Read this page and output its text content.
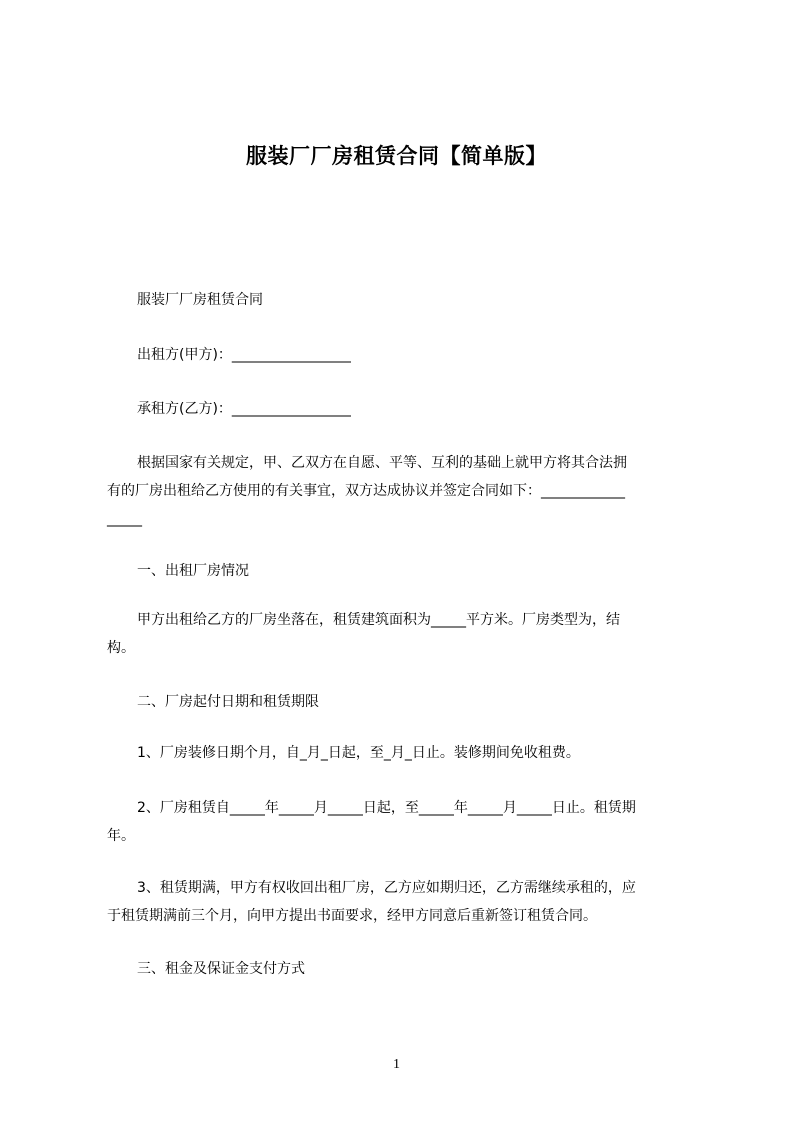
服装厂厂房租赁合同【简单版】
服装厂厂房租赁合同
出租方(甲方)：_________________
承租方(乙方)：_________________
根据国家有关规定，甲、乙双方在自愿、平等、互利的基础上就甲方将其合法拥
有的厂房出租给乙方使用的有关事宜，双方达成协议并签定合同如下：____________
_____
一、出租厂房情况
甲方出租给乙方的厂房坐落在，租赁建筑面积为_____平方米。厂房类型为，结
构。
二、厂房起付日期和租赁期限
1、厂房装修日期个月，自_月_日起，至_月_日止。装修期间免收租费。
2、厂房租赁自_____年_____月_____日起，至_____年_____月_____日止。租赁期
年。
3、租赁期满，甲方有权收回出租厂房，乙方应如期归还，乙方需继续承租的，应
于租赁期满前三个月，向甲方提出书面要求，经甲方同意后重新签订租赁合同。
三、租金及保证金支付方式
1
